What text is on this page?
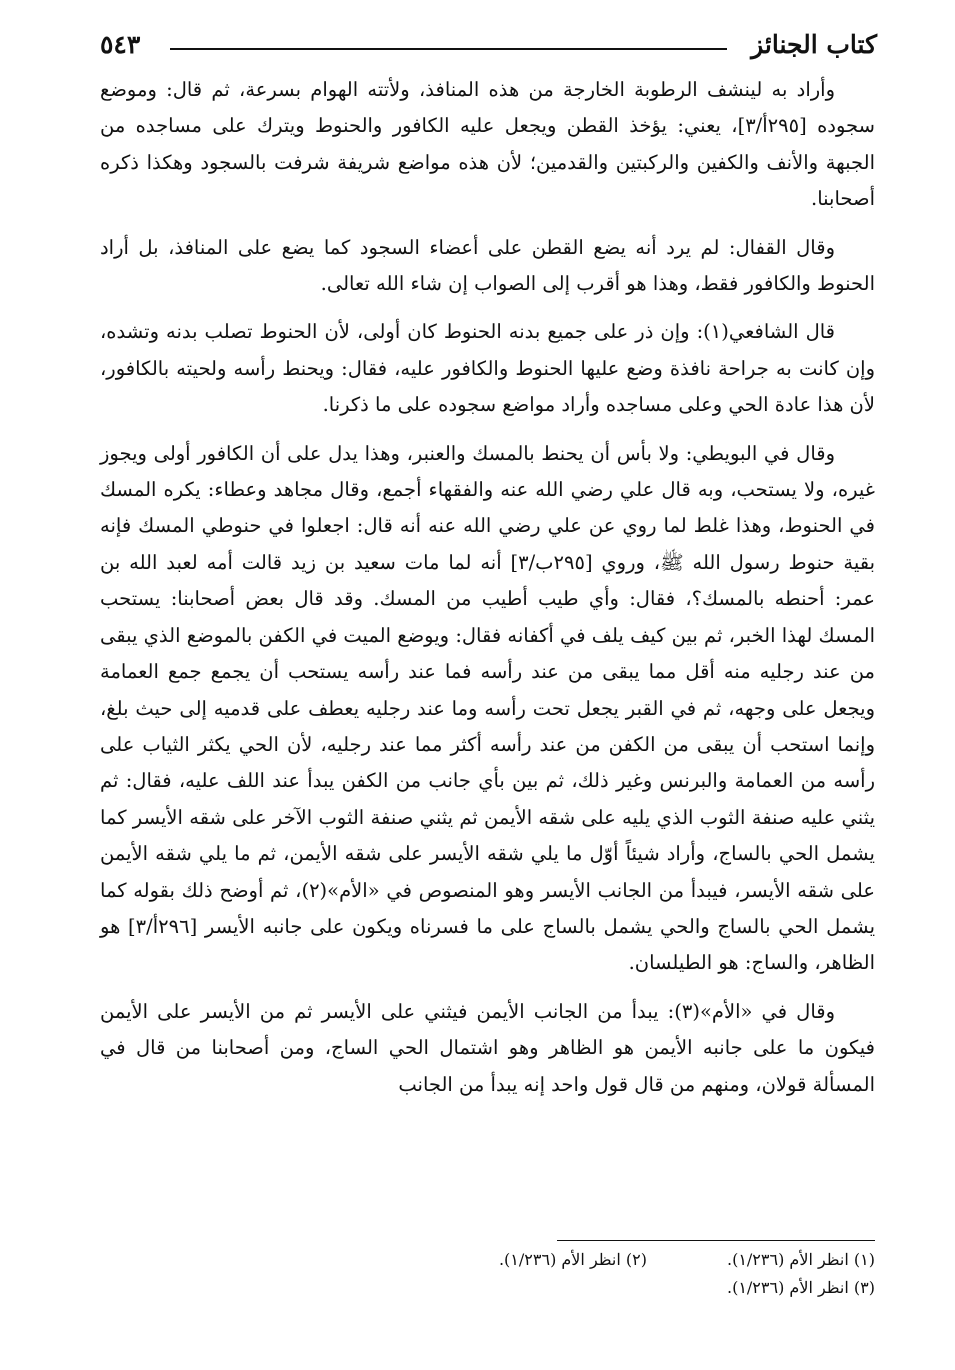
كتاب الجنائز
٥٤٣

وأراد به لينشف الرطوبة الخارجة من هذه المنافذ، ولأتته الهوام بسرعة، ثم قال: وموضع سجوده [٢٩٥أ/٣]، يعني: يؤخذ القطن ويجعل عليه الكافور والحنوط ويترك على مساجده من الجبهة والأنف والكفين والركبتين والقدمين؛ لأن هذه مواضع شريفة شرفت بالسجود وهكذا ذكره أصحابنا.

وقال القفال: لم يرد أنه يضع القطن على أعضاء السجود كما يضع على المنافذ، بل أراد الحنوط والكافور فقط، وهذا هو أقرب إلى الصواب إن شاء الله تعالى.

قال الشافعي(١): وإن ذر على جميع بدنه الحنوط كان أولى، لأن الحنوط تصلب بدنه وتشده، وإن كانت به جراحة نافذة وضع عليها الحنوط والكافور عليه، فقال: ويحنط رأسه ولحيته بالكافور، لأن هذا عادة الحي وعلى مساجده وأراد مواضع سجوده على ما ذكرنا.

وقال في البويطي: ولا بأس أن يحنط بالمسك والعنبر، وهذا يدل على أن الكافور أولى ويجوز غيره، ولا يستحب، وبه قال علي رضي الله عنه والفقهاء أجمع، وقال مجاهد وعطاء: يكره المسك في الحنوط، وهذا غلط لما روي عن علي رضي الله عنه أنه قال: اجعلوا في حنوطي المسك فإنه بقية حنوط رسول الله ﷺ، وروي [٢٩٥ب/٣] أنه لما مات سعيد بن زيد قالت أمه لعبد الله بن عمر: أحنطه بالمسك؟، فقال: وأي طيب أطيب من المسك. وقد قال بعض أصحابنا: يستحب المسك لهذا الخبر، ثم بين كيف يلف في أكفانه فقال: ويوضع الميت في الكفن بالموضع الذي يبقى من عند رجليه منه أقل مما يبقى من عند رأسه فما عند رأسه يستحب أن يجمع جمع العمامة ويجعل على وجهه، ثم في القبر يجعل تحت رأسه وما عند رجليه يعطف على قدميه إلى حيث بلغ، وإنما استحب أن يبقى من الكفن من عند رأسه أكثر مما عند رجليه، لأن الحي يكثر الثياب على رأسه من العمامة والبرنس وغير ذلك، ثم بين بأي جانب من الكفن يبدأ عند اللف عليه، فقال: ثم يثني عليه صنفة الثوب الذي يليه على شقه الأيمن ثم يثني صنفة الثوب الآخر على شقه الأيسر كما يشمل الحي بالساج، وأراد شيئاً أوّل ما يلي شقه الأيسر على شقه الأيمن، ثم ما يلي شقه الأيمن على شقه الأيسر، فيبدأ من الجانب الأيسر وهو المنصوص في «الأم»(٢)، ثم أوضح ذلك بقوله كما يشمل الحي بالساج والحي يشمل بالساج على ما فسرناه ويكون على جانبه الأيسر [٢٩٦أ/٣] هو الظاهر، والساج: هو الطيلسان.

وقال في «الأم»(٣): يبدأ من الجانب الأيمن فيثني على الأيسر ثم من الأيسر على الأيمن فيكون ما على جانبه الأيمن هو الظاهر وهو اشتمال الحي الساج، ومن أصحابنا من قال في المسألة قولان، ومنهم من قال قول واحد إنه يبدأ من الجانب

(١) انظر الأم (١/٢٣٦).
(٢) انظر الأم (١/٢٣٦).
(٣) انظر الأم (١/٢٣٦).
